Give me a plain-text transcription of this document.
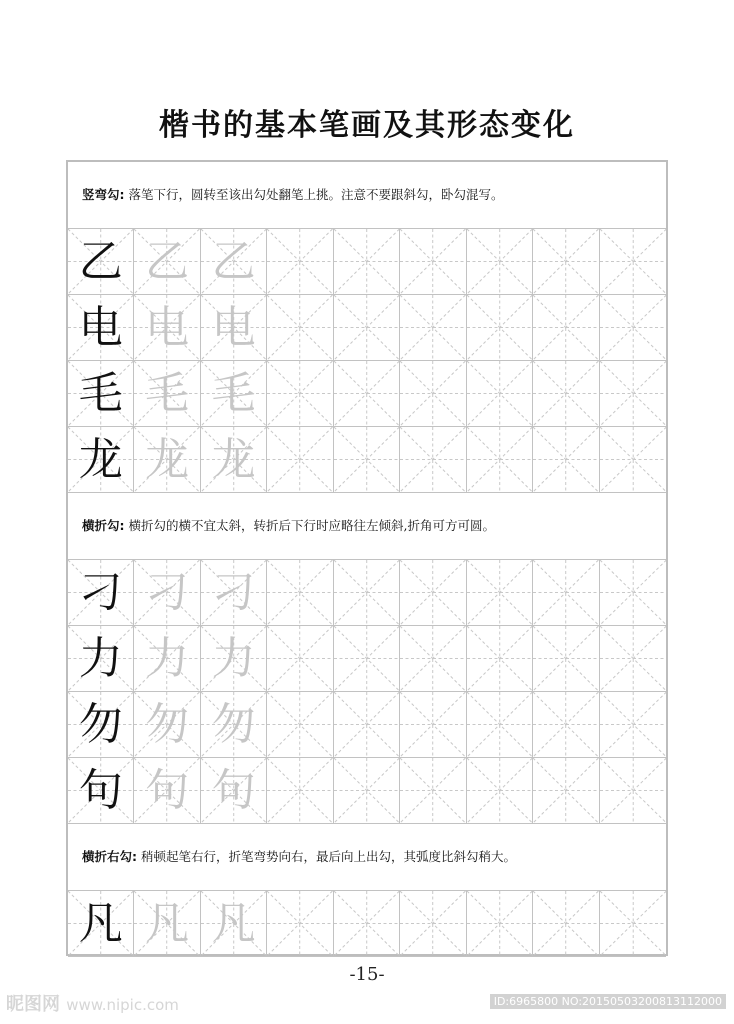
楷书的基本笔画及其形态变化
竖弯勾: 落笔下行，圆转至该出勾处翻笔上挑。注意不要跟斜勾，卧勾混写。
乙 乙 乙
电 电 电
毛 毛 毛
龙 龙 龙
横折勾: 横折勾的横不宜太斜，转折后下行时应略往左倾斜,折角可方可圆。
刁 刁 刁
力 力 力
勿 勿 勿
句 句 句
横折右勾: 稍顿起笔右行，折笔弯势向右，最后向上出勾，其弧度比斜勾稍大。
凡 凡 凡
-15-
昵图网 www.nipic.com	ID:6965800 NO:20150503200813112000
